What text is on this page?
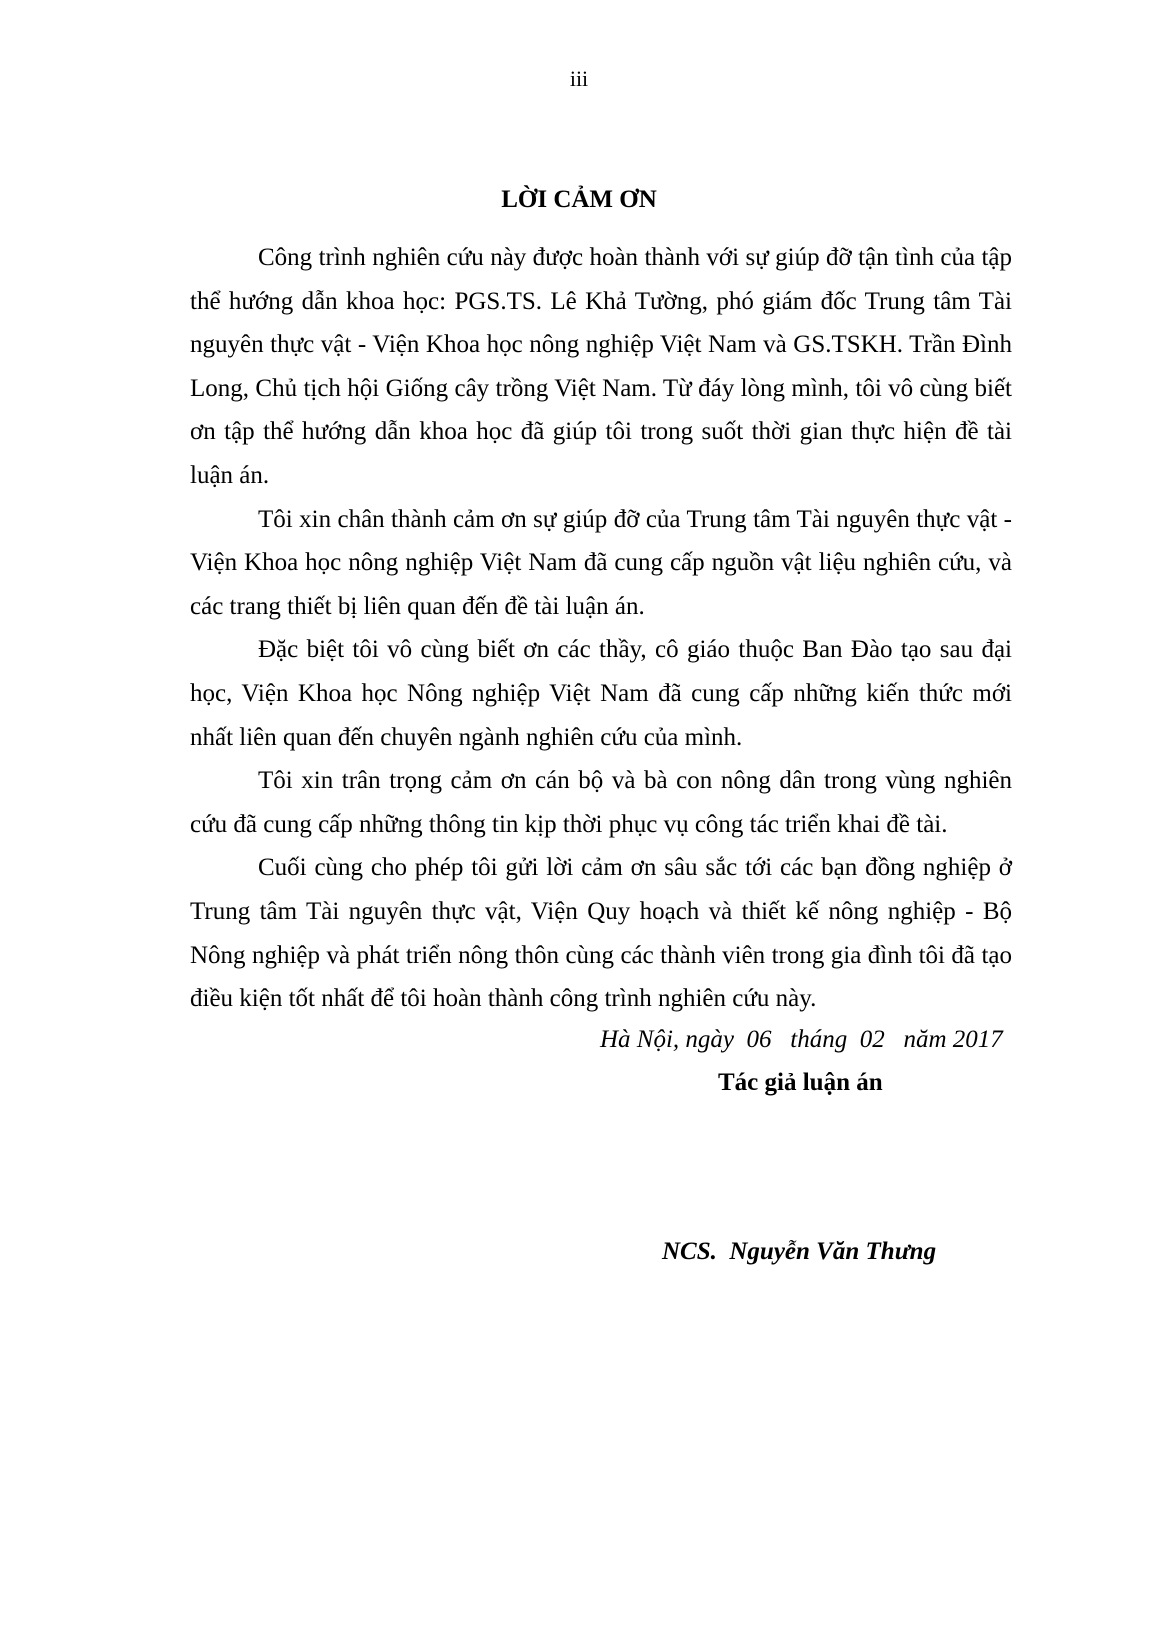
iii
LỜI CẢM ƠN

Công trình nghiên cứu này được hoàn thành với sự giúp đỡ tận tình của tập thể hướng dẫn khoa học: PGS.TS. Lê Khả Tường, phó giám đốc Trung tâm Tài nguyên thực vật - Viện Khoa học nông nghiệp Việt Nam và GS.TSKH. Trần Đình Long, Chủ tịch hội Giống cây trồng Việt Nam. Từ đáy lòng mình, tôi vô cùng biết ơn tập thể hướng dẫn khoa học đã giúp tôi trong suốt thời gian thực hiện đề tài luận án.

Tôi xin chân thành cảm ơn sự giúp đỡ của Trung tâm Tài nguyên thực vật -Viện Khoa học nông nghiệp Việt Nam đã cung cấp nguồn vật liệu nghiên cứu, và các trang thiết bị liên quan đến đề tài luận án.

Đặc biệt tôi vô cùng biết ơn các thầy, cô giáo thuộc Ban Đào tạo sau đại học, Viện Khoa học Nông nghiệp Việt Nam đã cung cấp những kiến thức mới nhất liên quan đến chuyên ngành nghiên cứu của mình.

Tôi xin trân trọng cảm ơn cán bộ và bà con nông dân trong vùng nghiên cứu đã cung cấp những thông tin kịp thời phục vụ công tác triển khai đề tài.

Cuối cùng cho phép tôi gửi lời cảm ơn sâu sắc tới các bạn đồng nghiệp ở Trung tâm Tài nguyên thực vật, Viện Quy hoạch và thiết kế nông nghiệp - Bộ Nông nghiệp và phát triển nông thôn cùng các thành viên trong gia đình tôi đã tạo điều kiện tốt nhất để tôi hoàn thành công trình nghiên cứu này.

Hà Nội, ngày  06   tháng  02   năm 2017
Tác giả luận án
NCS.  Nguyễn Văn Thưng
